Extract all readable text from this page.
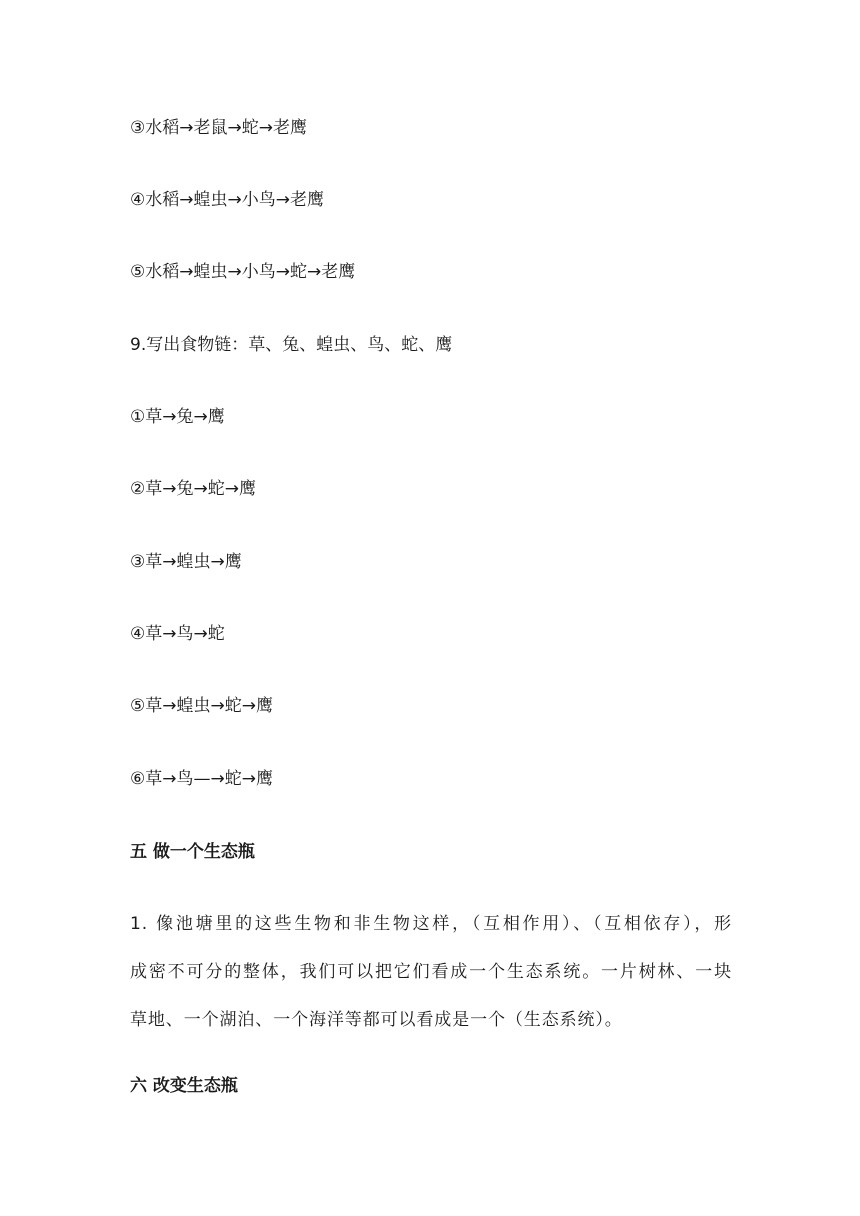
③水稻→老鼠→蛇→老鹰

④水稻→蝗虫→小鸟→老鹰

⑤水稻→蝗虫→小鸟→蛇→老鹰

9.写出食物链：草、兔、蝗虫、鸟、蛇、鹰

①草→兔→鹰

②草→兔→蛇→鹰

③草→蝗虫→鹰

④草→鸟→蛇

⑤草→蝗虫→蛇→鹰

⑥草→鸟—→蛇→鹰

五 做一个生态瓶

1. 像池塘里的这些生物和非生物这样，（互相作用）、（互相依存），形
成密不可分的整体，我们可以把它们看成一个生态系统。一片树林、一块
草地、一个湖泊、一个海洋等都可以看成是一个（生态系统）。

六 改变生态瓶
